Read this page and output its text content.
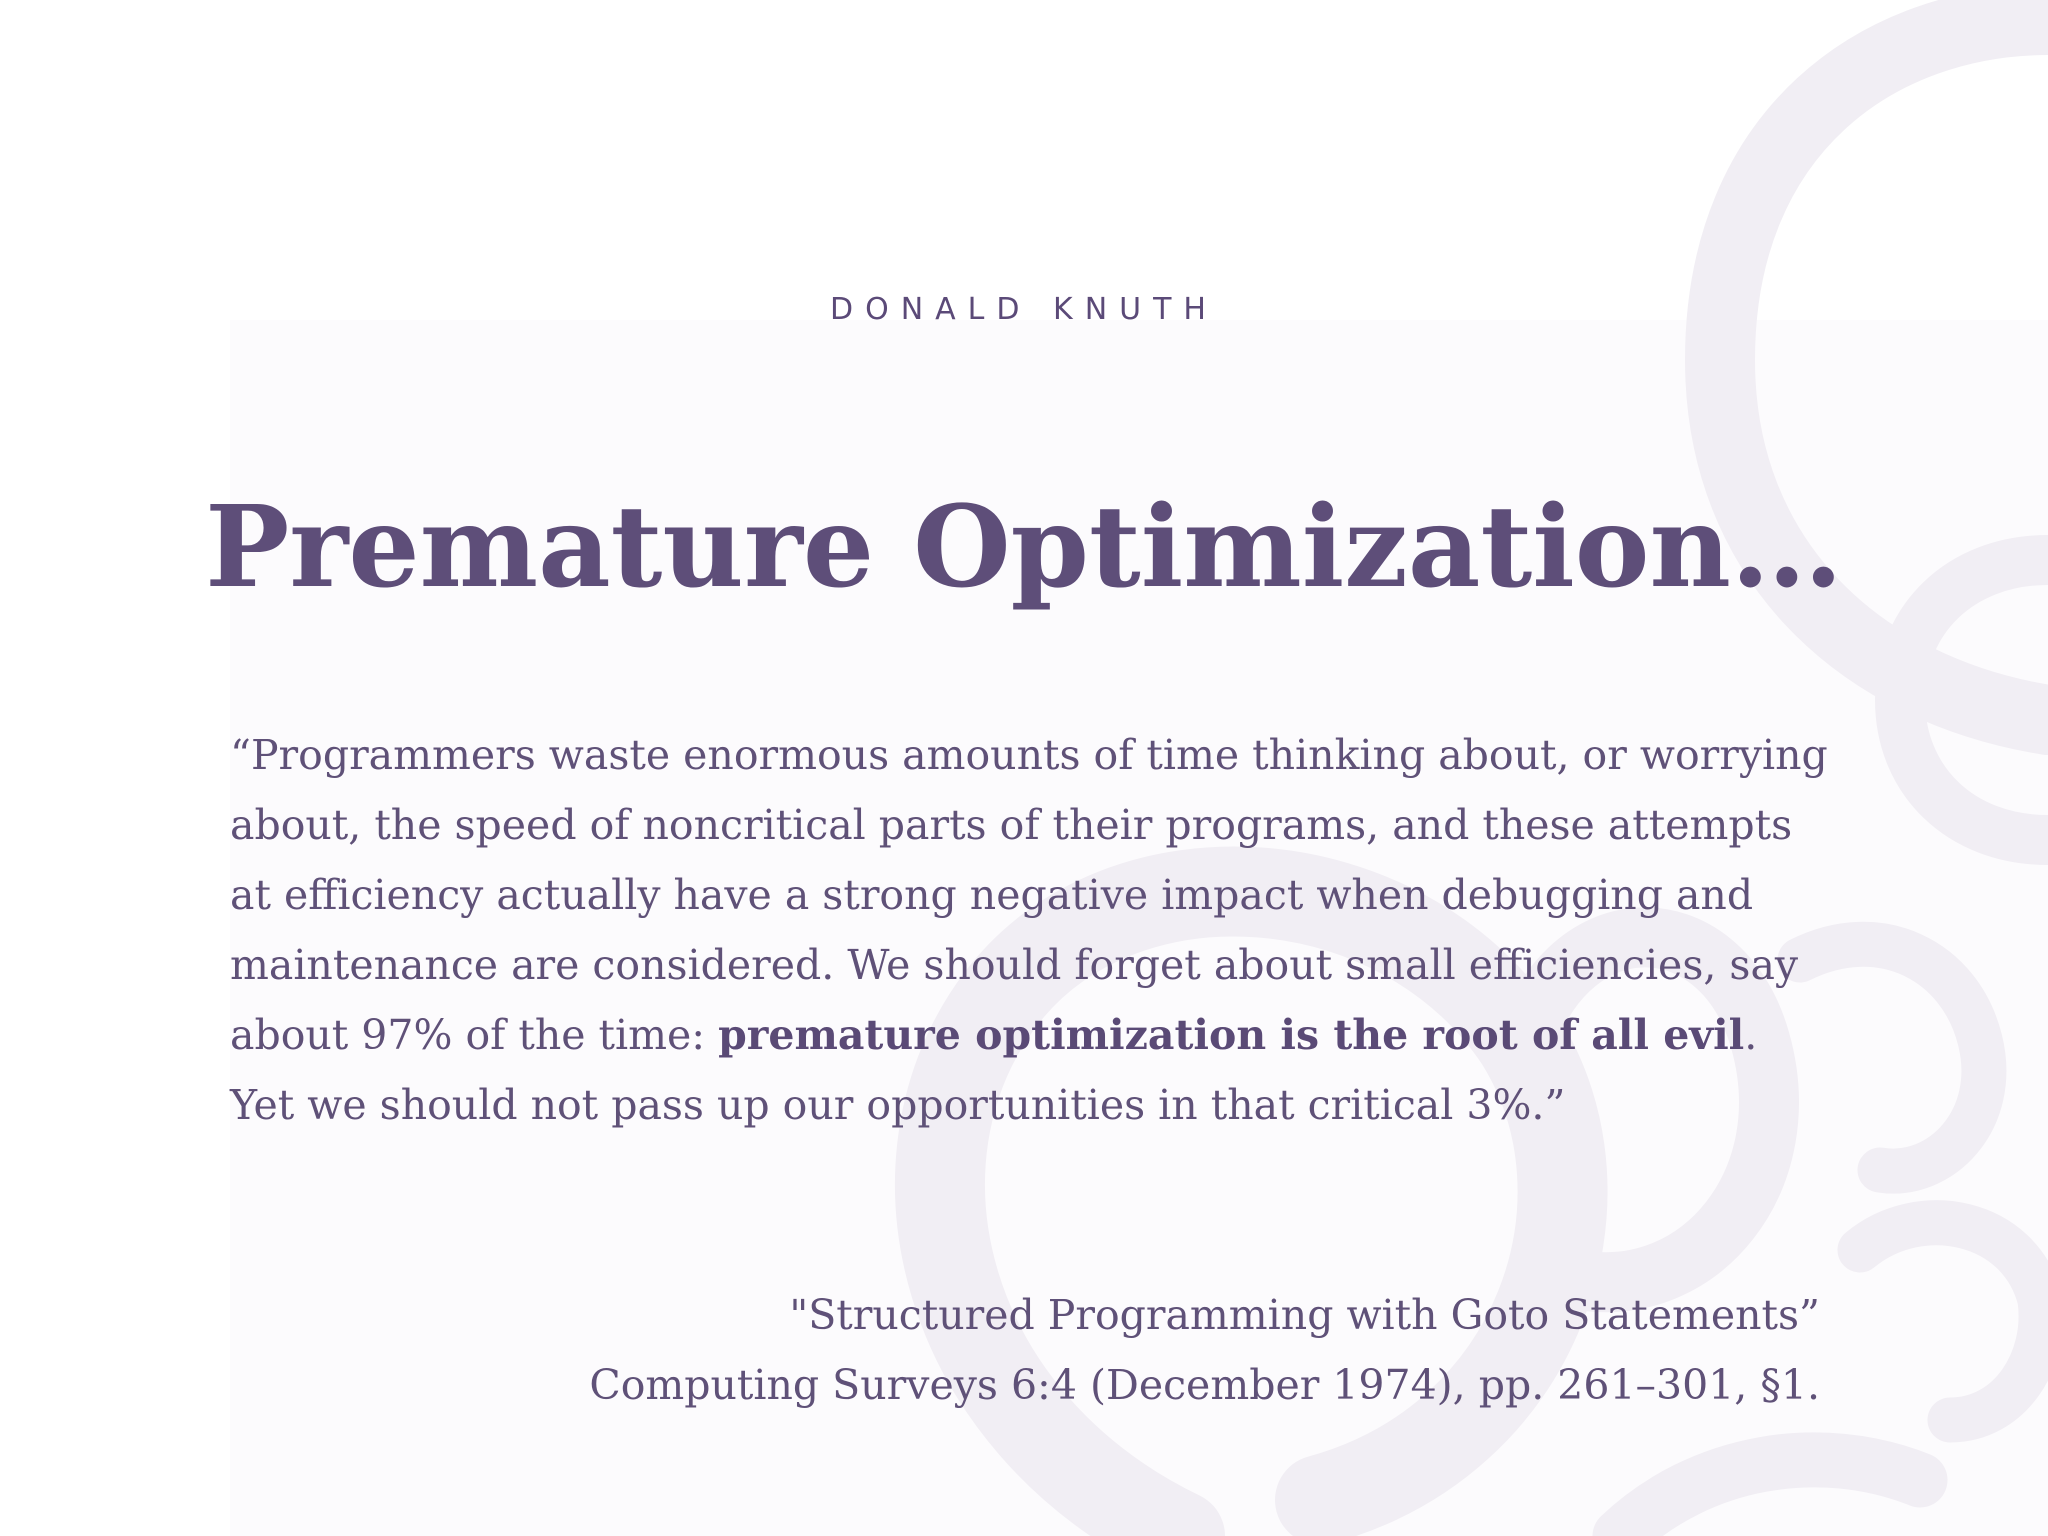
DONALD KNUTH

Premature Optimization…

“Programmers waste enormous amounts of time thinking about, or worrying about, the speed of noncritical parts of their programs, and these attempts at efficiency actually have a strong negative impact when debugging and maintenance are considered. We should forget about small efficiencies, say about 97% of the time: premature optimization is the root of all evil. Yet we should not pass up our opportunities in that critical 3%.”

"Structured Programming with Goto Statements”
Computing Surveys 6:4 (December 1974), pp. 261–301, §1.
